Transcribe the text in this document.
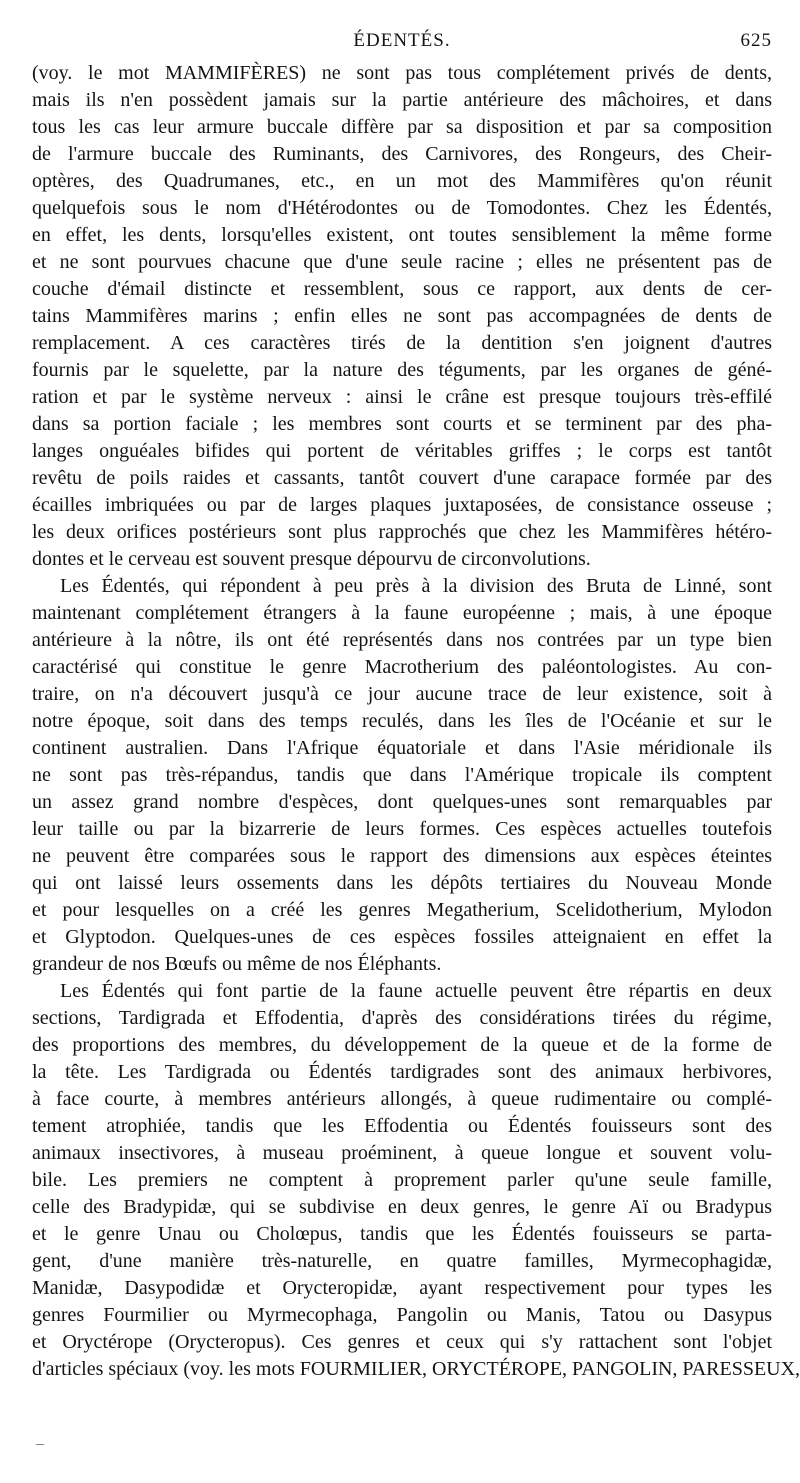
ÉDENTÉS.	625

(voy. le mot MAMMIFÈRES) ne sont pas tous complétement privés de dents,
mais ils n'en possèdent jamais sur la partie antérieure des mâchoires, et dans
tous les cas leur armure buccale diffère par sa disposition et par sa composition
de l'armure buccale des Ruminants, des Carnivores, des Rongeurs, des Cheir-
optères, des Quadrumanes, etc., en un mot des Mammifères qu'on réunit
quelquefois sous le nom d'Hétérodontes ou de Tomodontes. Chez les Édentés,
en effet, les dents, lorsqu'elles existent, ont toutes sensiblement la même forme
et ne sont pourvues chacune que d'une seule racine ; elles ne présentent pas de
couche d'émail distincte et ressemblent, sous ce rapport, aux dents de cer-
tains Mammifères marins ; enfin elles ne sont pas accompagnées de dents de
remplacement. A ces caractères tirés de la dentition s'en joignent d'autres
fournis par le squelette, par la nature des téguments, par les organes de géné-
ration et par le système nerveux : ainsi le crâne est presque toujours très-effilé
dans sa portion faciale ; les membres sont courts et se terminent par des pha-
langes onguéales bifides qui portent de véritables griffes ; le corps est tantôt
revêtu de poils raides et cassants, tantôt couvert d'une carapace formée par des
écailles imbriquées ou par de larges plaques juxtaposées, de consistance osseuse ;
les deux orifices postérieurs sont plus rapprochés que chez les Mammifères hétéro-
dontes et le cerveau est souvent presque dépourvu de circonvolutions.

Les Édentés, qui répondent à peu près à la division des Bruta de Linné, sont
maintenant complétement étrangers à la faune européenne ; mais, à une époque
antérieure à la nôtre, ils ont été représentés dans nos contrées par un type bien
caractérisé qui constitue le genre Macrotherium des paléontologistes. Au con-
traire, on n'a découvert jusqu'à ce jour aucune trace de leur existence, soit à
notre époque, soit dans des temps reculés, dans les îles de l'Océanie et sur le
continent australien. Dans l'Afrique équatoriale et dans l'Asie méridionale ils
ne sont pas très-répandus, tandis que dans l'Amérique tropicale ils comptent
un assez grand nombre d'espèces, dont quelques-unes sont remarquables par
leur taille ou par la bizarrerie de leurs formes. Ces espèces actuelles toutefois
ne peuvent être comparées sous le rapport des dimensions aux espèces éteintes
qui ont laissé leurs ossements dans les dépôts tertiaires du Nouveau Monde
et pour lesquelles on a créé les genres Megatherium, Scelidotherium, Mylodon
et Glyptodon. Quelques-unes de ces espèces fossiles atteignaient en effet la
grandeur de nos Bœufs ou même de nos Éléphants.

Les Édentés qui font partie de la faune actuelle peuvent être répartis en deux
sections, Tardigrada et Effodentia, d'après des considérations tirées du régime,
des proportions des membres, du développement de la queue et de la forme de
la tête. Les Tardigrada ou Édentés tardigrades sont des animaux herbivores,
à face courte, à membres antérieurs allongés, à queue rudimentaire ou complé-
tement atrophiée, tandis que les Effodentia ou Édentés fouisseurs sont des
animaux insectivores, à museau proéminent, à queue longue et souvent volu-
bile. Les premiers ne comptent à proprement parler qu'une seule famille,
celle des Bradypidæ, qui se subdivise en deux genres, le genre Aï ou Bradypus
et le genre Unau ou Cholœpus, tandis que les Édentés fouisseurs se parta-
gent, d'une manière très-naturelle, en quatre familles, Myrmecophagidæ,
Manidæ, Dasypodidæ et Orycteropidæ, ayant respectivement pour types les
genres Fourmilier ou Myrmecophaga, Pangolin ou Manis, Tatou ou Dasypus
et Oryctérope (Orycteropus). Ces genres et ceux qui s'y rattachent sont l'objet
d'articles spéciaux (voy. les mots FOURMILIER, ORYCTÉROPE, PANGOLIN, PARESSEUX,
